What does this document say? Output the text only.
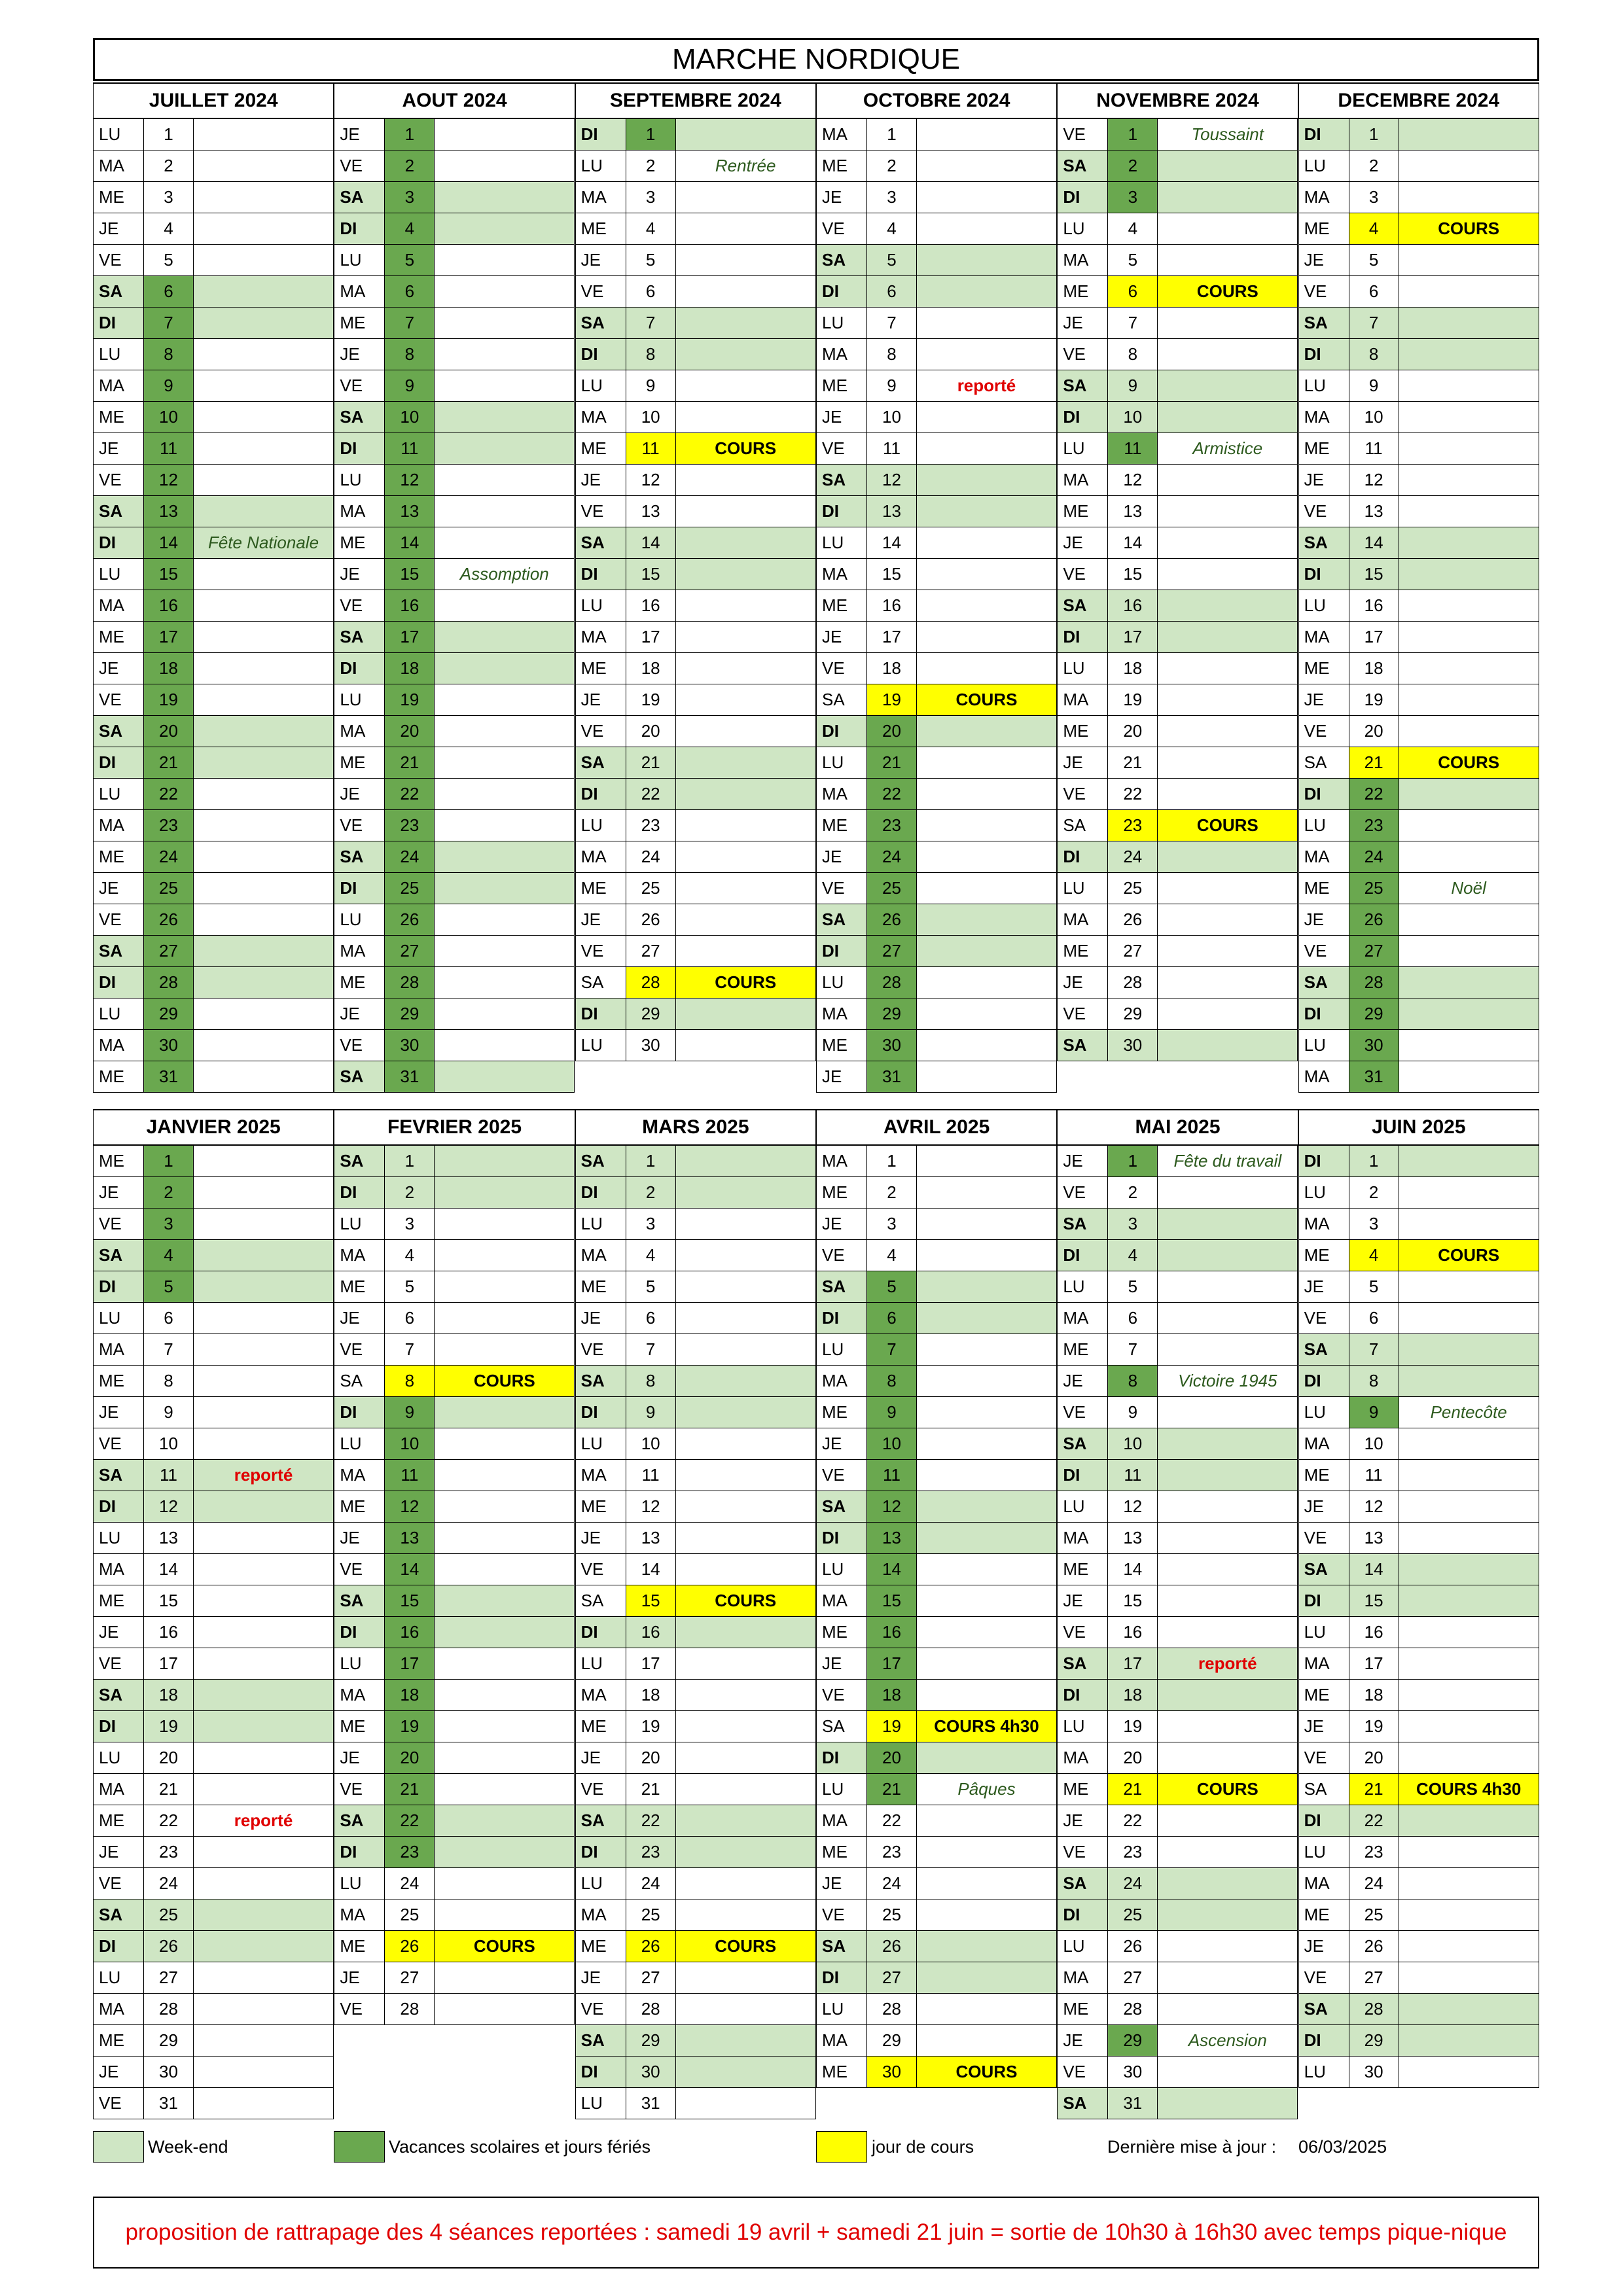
MARCHE NORDIQUE
JUILLET 2024
LU	1
MA	2
ME	3
JE	4
VE	5
SA	6
DI	7
LU	8
MA	9
ME	10
JE	11
VE	12
SA	13
DI	14	Fête Nationale
LU	15
MA	16
ME	17
JE	18
VE	19
SA	20
DI	21
LU	22
MA	23
ME	24
JE	25
VE	26
SA	27
DI	28
LU	29
MA	30
ME	31
AOUT 2024
JE	1
VE	2
SA	3
DI	4
LU	5
MA	6
ME	7
JE	8
VE	9
SA	10
DI	11
LU	12
MA	13
ME	14
JE	15	Assomption
VE	16
SA	17
DI	18
LU	19
MA	20
ME	21
JE	22
VE	23
SA	24
DI	25
LU	26
MA	27
ME	28
JE	29
VE	30
SA	31
SEPTEMBRE 2024
DI	1
LU	2	Rentrée
MA	3
ME	4
JE	5
VE	6
SA	7
DI	8
LU	9
MA	10
ME	11	COURS
JE	12
VE	13
SA	14
DI	15
LU	16
MA	17
ME	18
JE	19
VE	20
SA	21
DI	22
LU	23
MA	24
ME	25
JE	26
VE	27
SA	28	COURS
DI	29
LU	30
OCTOBRE 2024
MA	1
ME	2
JE	3
VE	4
SA	5
DI	6
LU	7
MA	8
ME	9	reporté
JE	10
VE	11
SA	12
DI	13
LU	14
MA	15
ME	16
JE	17
VE	18
SA	19	COURS
DI	20
LU	21
MA	22
ME	23
JE	24
VE	25
SA	26
DI	27
LU	28
MA	29
ME	30
JE	31
NOVEMBRE 2024
VE	1	Toussaint
SA	2
DI	3
LU	4
MA	5
ME	6	COURS
JE	7
VE	8
SA	9
DI	10
LU	11	Armistice
MA	12
ME	13
JE	14
VE	15
SA	16
DI	17
LU	18
MA	19
ME	20
JE	21
VE	22
SA	23	COURS
DI	24
LU	25
MA	26
ME	27
JE	28
VE	29
SA	30
DECEMBRE 2024
DI	1
LU	2
MA	3
ME	4	COURS
JE	5
VE	6
SA	7
DI	8
LU	9
MA	10
ME	11
JE	12
VE	13
SA	14
DI	15
LU	16
MA	17
ME	18
JE	19
VE	20
SA	21	COURS
DI	22
LU	23
MA	24
ME	25	Noël
JE	26
VE	27
SA	28
DI	29
LU	30
MA	31
JANVIER 2025
ME	1
JE	2
VE	3
SA	4
DI	5
LU	6
MA	7
ME	8
JE	9
VE	10
SA	11	reporté
DI	12
LU	13
MA	14
ME	15
JE	16
VE	17
SA	18
DI	19
LU	20
MA	21
ME	22	reporté
JE	23
VE	24
SA	25
DI	26
LU	27
MA	28
ME	29
JE	30
VE	31
FEVRIER 2025
SA	1
DI	2
LU	3
MA	4
ME	5
JE	6
VE	7
SA	8	COURS
DI	9
LU	10
MA	11
ME	12
JE	13
VE	14
SA	15
DI	16
LU	17
MA	18
ME	19
JE	20
VE	21
SA	22
DI	23
LU	24
MA	25
ME	26	COURS
JE	27
VE	28
MARS 2025
SA	1
DI	2
LU	3
MA	4
ME	5
JE	6
VE	7
SA	8
DI	9
LU	10
MA	11
ME	12
JE	13
VE	14
SA	15	COURS
DI	16
LU	17
MA	18
ME	19
JE	20
VE	21
SA	22
DI	23
LU	24
MA	25
ME	26	COURS
JE	27
VE	28
SA	29
DI	30
LU	31
AVRIL 2025
MA	1
ME	2
JE	3
VE	4
SA	5
DI	6
LU	7
MA	8
ME	9
JE	10
VE	11
SA	12
DI	13
LU	14
MA	15
ME	16
JE	17
VE	18
SA	19	COURS 4h30
DI	20
LU	21	Pâques
MA	22
ME	23
JE	24
VE	25
SA	26
DI	27
LU	28
MA	29
ME	30	COURS
MAI 2025
JE	1	Fête du travail
VE	2
SA	3
DI	4
LU	5
MA	6
ME	7
JE	8	Victoire 1945
VE	9
SA	10
DI	11
LU	12
MA	13
ME	14
JE	15
VE	16
SA	17	reporté
DI	18
LU	19
MA	20
ME	21	COURS
JE	22
VE	23
SA	24
DI	25
LU	26
MA	27
ME	28
JE	29	Ascension
VE	30
SA	31
JUIN 2025
DI	1
LU	2
MA	3
ME	4	COURS
JE	5
VE	6
SA	7
DI	8
LU	9	Pentecôte
MA	10
ME	11
JE	12
VE	13
SA	14
DI	15
LU	16
MA	17
ME	18
JE	19
VE	20
SA	21	COURS 4h30
DI	22
LU	23
MA	24
ME	25
JE	26
VE	27
SA	28
DI	29
LU	30
Week-end	Vacances scolaires et jours fériés	jour de cours	Dernière mise à jour : 06/03/2025
proposition de rattrapage des 4 séances reportées : samedi 19 avril + samedi 21 juin = sortie de 10h30 à 16h30 avec temps pique-nique
